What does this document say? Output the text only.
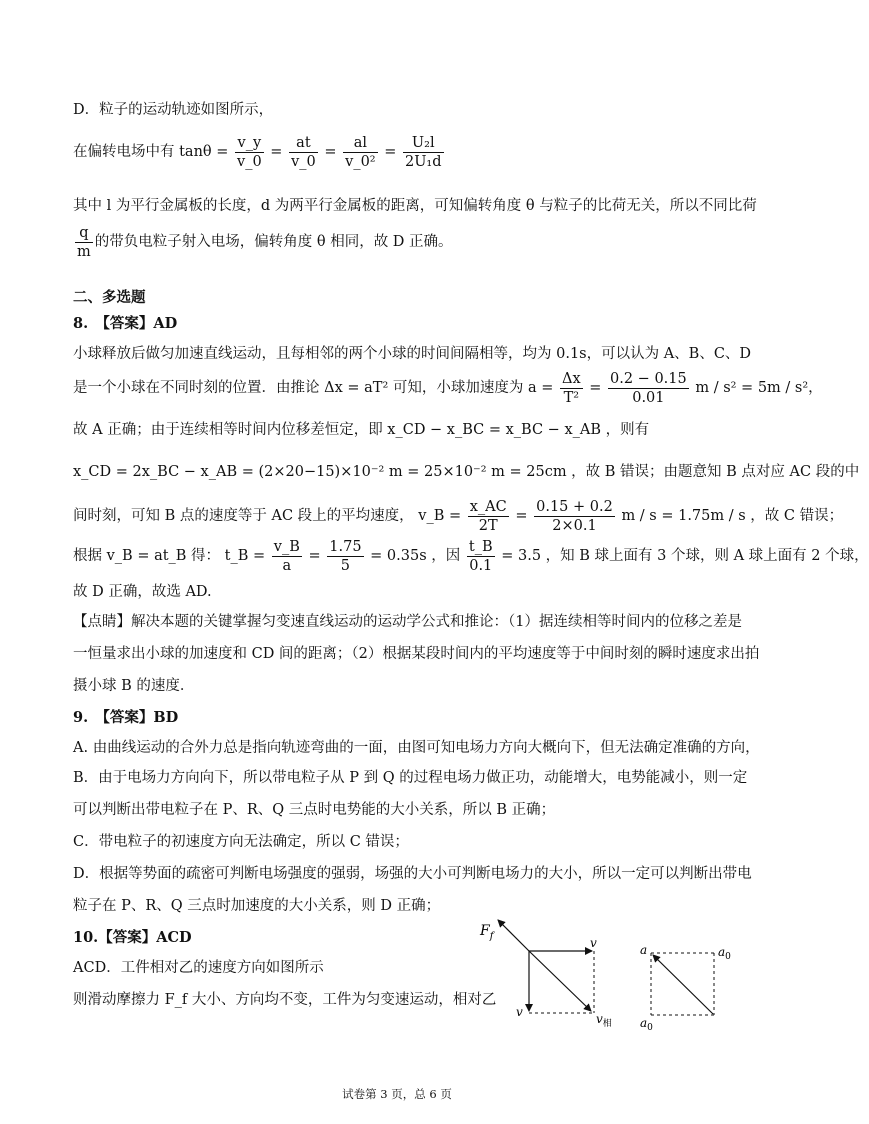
D．粒子的运动轨迹如图所示，
在偏转电场中有 $\tan\theta = \frac{v\_y}{v\_0} = \frac{at}{v\_0} = \frac{al}{\text{v\_0²}} = \frac{\text{U₂l}}{\text{2U₁d}}$
其中 l 为平行金属板的长度，d 为两平行金属板的距离，可知偏转角度 θ 与粒子的比荷无关，所以不同比荷
$\frac{q}{m}$ 的带负电粒子射入电场，偏转角度 θ 相同，故 D 正确。
二、多选题
8.　【答案】AD
小球释放后做匀加速直线运动，且每相邻的两个小球的时间间隔相等，均为 0.1s，可以认为 A、B、C、D
是一个小球在不同时刻的位置．由推论 Δx = aT² 可知，小球加速度为 $a = \frac{\Delta x}{\text{T²}} = \frac{0.2 - 0.15}{0.01}$ m / s² = 5m / s²，
故 A 正确；由于连续相等时间内位移差恒定，即 x_CD − x_BC = x_BC − x_AB ，则有
x_CD = 2x_BC − x_AB = (2×20−15)×10⁻² m = 25×10⁻² m = 25cm ，故 B 错误；由题意知 B 点对应 AC 段的中
间时刻，可知 B 点的速度等于 AC 段上的平均速度， v_B = $\frac{x\_AC}{2T} = \frac{0.15 + 0.2}{2\times 0.1}$ m / s = 1.75m / s ，故 C 错误；
根据 v_B = at_B 得： t_B = $\frac{v\_B}{a} = \frac{1.75}{5} = 0.35s$ ，因 $\frac{t\_B}{0.1} = 3.5$ ，知 B 球上面有 3 个球，则 A 球上面有 2 个球，
故 D 正确，故选 AD.
【点睛】解决本题的关键掌握匀变速直线运动的运动学公式和推论：（1）据连续相等时间内的位移之差是
一恒量求出小球的加速度和 CD 间的距离；（2）根据某段时间内的平均速度等于中间时刻的瞬时速度求出拍
摄小球 B 的速度．
9.　【答案】BD
A. 由曲线运动的合外力总是指向轨迹弯曲的一面，由图可知电场力方向大概向下，但无法确定准确的方向，
B．由于电场力方向向下，所以带电粒子从 P 到 Q 的过程电场力做正功，动能增大，电势能减小，则一定
可以判断出带电粒子在 P、R、Q 三点时电势能的大小关系，所以 B 正确；
C．带电粒子的初速度方向无法确定，所以 C 错误；
D．根据等势面的疏密可判断电场强度的强弱，场强的大小可判断电场力的大小，所以一定可以判断出带电
粒子在 P、R、Q 三点时加速度的大小关系，则 D 正确；
10.【答案】ACD
ACD．工件相对乙的速度方向如图所示
则滑动摩擦力 F_f 大小、方向均不变，工件为匀变速运动，相对乙
$F_f$	v
v	$v_相$
a	$a_0$
$a_0$
试卷第 3 页，总 6 页
